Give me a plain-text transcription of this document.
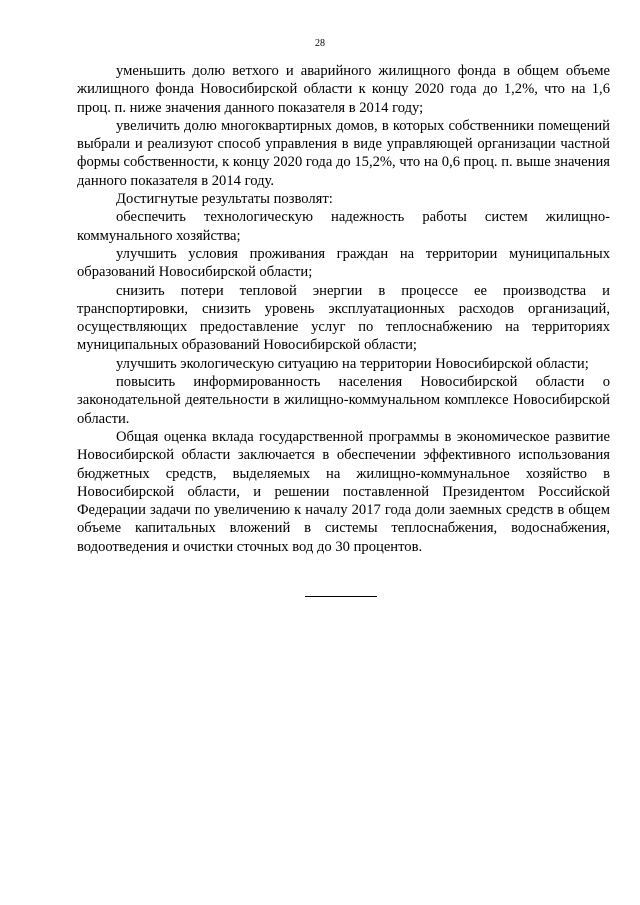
28

уменьшить долю ветхого и аварийного жилищного фонда в общем объеме жилищного фонда Новосибирской области к концу 2020 года до 1,2%, что на 1,6 проц. п. ниже значения данного показателя в 2014 году;

увеличить долю многоквартирных домов, в которых собственники помещений выбрали и реализуют способ управления в виде управляющей организации частной формы собственности, к концу 2020 года до 15,2%, что на 0,6 проц. п. выше значения данного показателя в 2014 году.

Достигнутые результаты позволят:

обеспечить технологическую надежность работы систем жилищно-коммунального хозяйства;

улучшить условия проживания граждан на территории муниципальных образований Новосибирской области;

снизить потери тепловой энергии в процессе ее производства и транспортировки, снизить уровень эксплуатационных расходов организаций, осуществляющих предоставление услуг по теплоснабжению на территориях муниципальных образований Новосибирской области;

улучшить экологическую ситуацию на территории Новосибирской области;

повысить информированность населения Новосибирской области о законодательной деятельности в жилищно-коммунальном комплексе Новосибирской области.

Общая оценка вклада государственной программы в экономическое развитие Новосибирской области заключается в обеспечении эффективного использования бюджетных средств, выделяемых на жилищно-коммунальное хозяйство в Новосибирской области, и решении поставленной Президентом Российской Федерации задачи по увеличению к началу 2017 года доли заемных средств в общем объеме капитальных вложений в системы теплоснабжения, водоснабжения, водоотведения и очистки сточных вод до 30 процентов.
